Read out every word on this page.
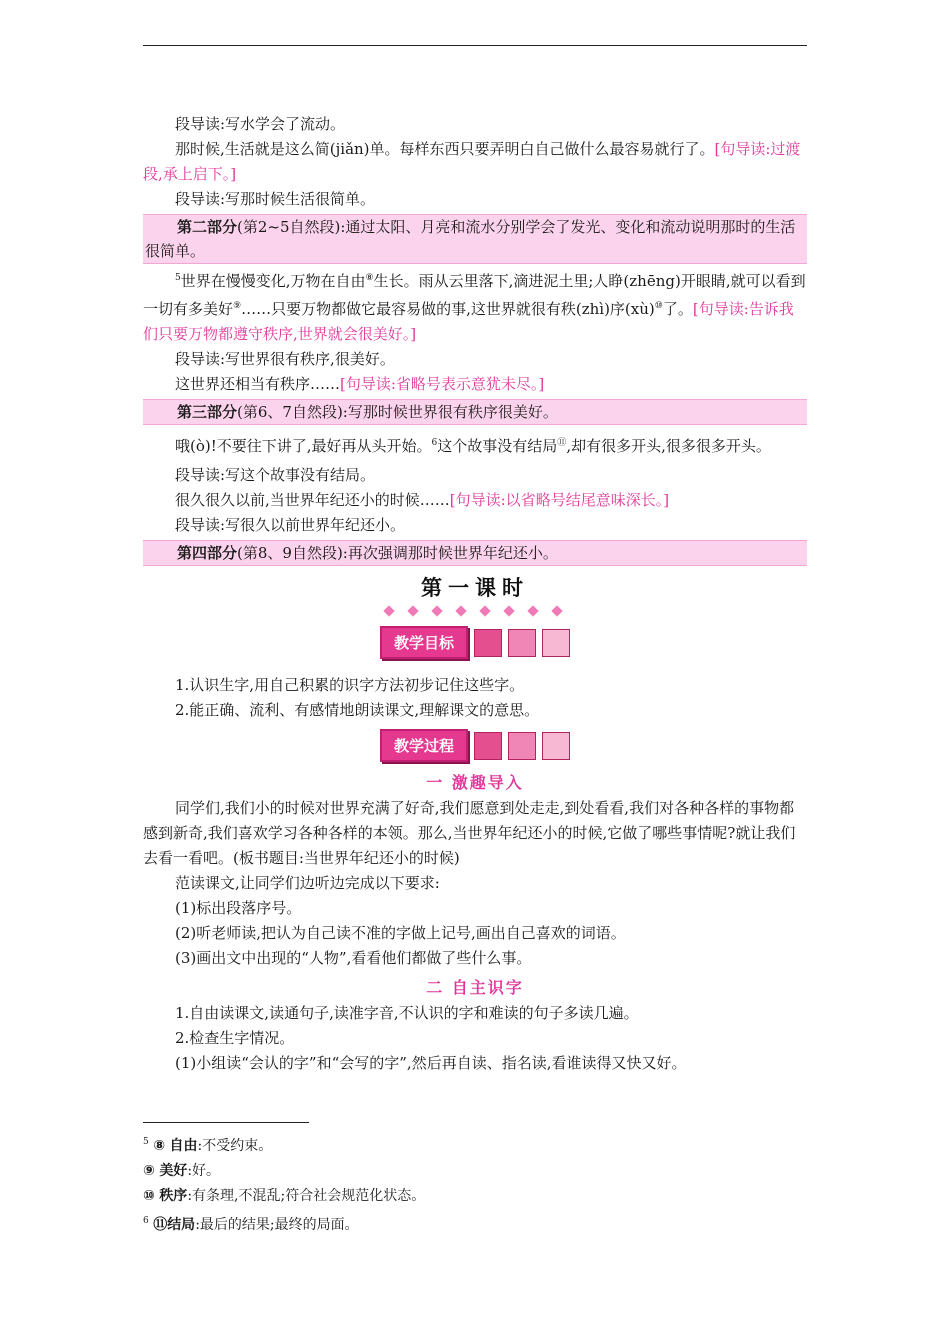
段导读:写水学会了流动。

那时候,生活就是这么简(jiǎn)单。每样东西只要弄明白自己做什么最容易就行了。[句导读:过渡段,承上启下。]

段导读:写那时候生活很简单。

第二部分(第2~5自然段):通过太阳、月亮和流水分别学会了发光、变化和流动说明那时的生活很简单。

$^5$世界在慢慢变化,万物在自由⑧生长。雨从云里落下,滴进泥土里;人睁(zhēng)开眼睛,就可以看到一切有多美好⑨……只要万物都做它最容易做的事,这世界就很有秩(zhì)序(xù)⑩了。[句导读:告诉我们只要万物都遵守秩序,世界就会很美好。]

段导读:写世界很有秩序,很美好。

这世界还相当有秩序……[句导读:省略号表示意犹未尽。]

第三部分(第6、7自然段):写那时候世界很有秩序很美好。

哦(ò)!不要往下讲了,最好再从头开始。$^6$这个故事没有结局⑪,却有很多开头,很多很多开头。

段导读:写这个故事没有结局。

很久很久以前,当世界年纪还小的时候……[句导读:以省略号结尾意味深长。]

段导读:写很久以前世界年纪还小。

第四部分(第8、9自然段):再次强调那时候世界年纪还小。
第一课时
教学目标

1.认识生字,用自己积累的识字方法初步记住这些字。

2.能正确、流利、有感情地朗读课文,理解课文的意思。

教学过程
一 激趣导入

同学们,我们小的时候对世界充满了好奇,我们愿意到处走走,到处看看,我们对各种各样的事物都感到新奇,我们喜欢学习各种各样的本领。那么,当世界年纪还小的时候,它做了哪些事情呢?就让我们去看一看吧。(板书题目:当世界年纪还小的时候)

范读课文,让同学们边听边完成以下要求:

(1)标出段落序号。

(2)听老师读,把认为自己读不准的字做上记号,画出自己喜欢的词语。

(3)画出文中出现的“人物”,看看他们都做了些什么事。

二 自主识字

1.自由读课文,读通句子,读准字音,不认识的字和难读的句子多读几遍。

2.检查生字情况。

(1)小组读“会认的字”和“会写的字”,然后再自读、指名读,看谁读得又快又好。

$^5$ ⑧ 自由:不受约束。
⑨ 美好:好。
⑩ 秩序:有条理,不混乱;符合社会规范化状态。
$^6$ ⑪结局:最后的结果;最终的局面。
